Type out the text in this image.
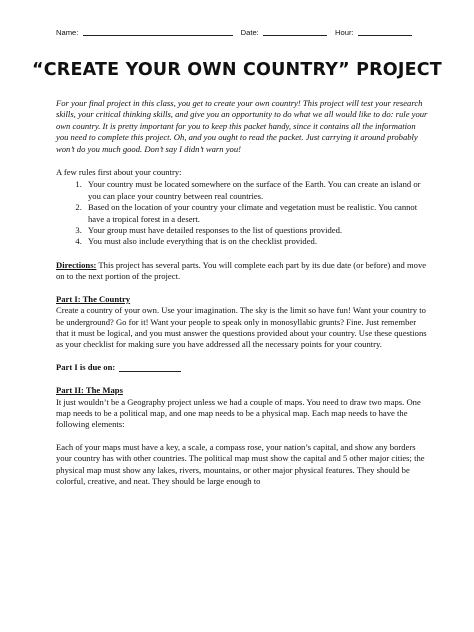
Name:	Date:	Hour:
“CREATE YOUR OWN COUNTRY” PROJECT

For your final project in this class, you get to create your own country! This project will test your research skills, your critical thinking skills, and give you an opportunity to do what we all would like to do: rule your own country. It is pretty important for you to keep this packet handy, since it contains all the information you need to complete this project. Oh, and you ought to read the packet. Just carrying it around probably won’t do you much good. Don’t say I didn’t warn you!

A few rules first about your country:

1. Your country must be located somewhere on the surface of the Earth. You can create an island or you can place your country between real countries.
2. Based on the location of your country your climate and vegetation must be realistic. You cannot have a tropical forest in a desert.
3. Your group must have detailed responses to the list of questions provided.
4. You must also include everything that is on the checklist provided.

Directions: This project has several parts. You will complete each part by its due date (or before) and move on to the next portion of the project.

Part I: The Country

Create a country of your own. Use your imagination. The sky is the limit so have fun! Want your country to be underground? Go for it! Want your people to speak only in monosyllabic grunts? Fine. Just remember that it must be logical, and you must answer the questions provided about your country. Use these questions as your checklist for making sure you have addressed all the necessary points for your country.

Part I is due on:

Part II: The Maps

It just wouldn’t be a Geography project unless we had a couple of maps. You need to draw two maps. One map needs to be a political map, and one map needs to be a physical map. Each map needs to have the following elements:

Each of your maps must have a key, a scale, a compass rose, your nation’s capital, and show any borders your country has with other countries. The political map must show the capital and 5 other major cities; the physical map must show any lakes, rivers, mountains, or other major physical features. They should be colorful, creative, and neat. They should be large enough to
